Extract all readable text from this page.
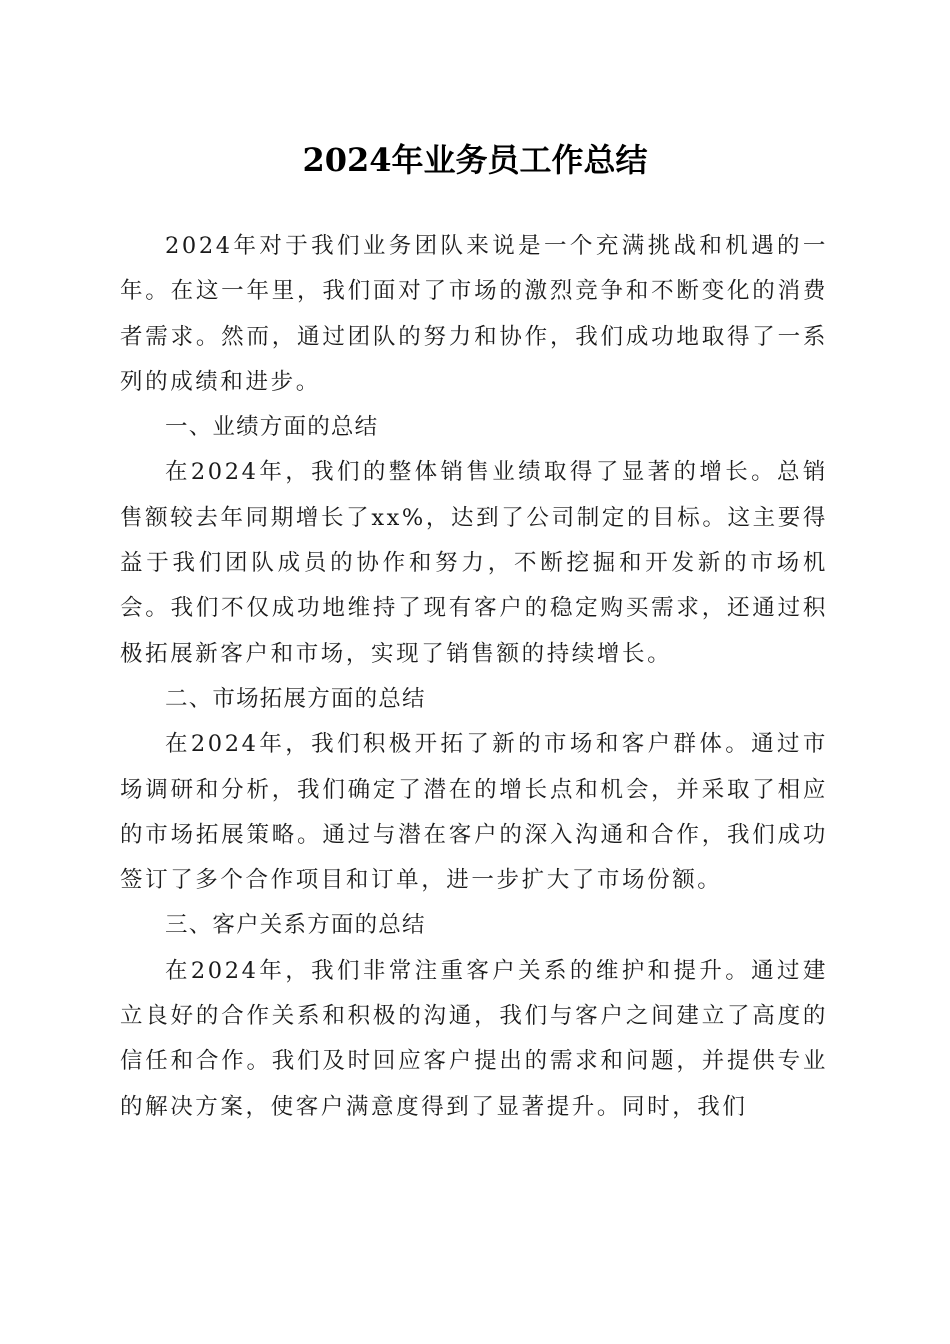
2024年业务员工作总结

2024年对于我们业务团队来说是一个充满挑战和机遇的一年。在这一年里，我们面对了市场的激烈竞争和不断变化的消费者需求。然而，通过团队的努力和协作，我们成功地取得了一系列的成绩和进步。

一、业绩方面的总结

在2024年，我们的整体销售业绩取得了显著的增长。总销售额较去年同期增长了xx%，达到了公司制定的目标。这主要得益于我们团队成员的协作和努力，不断挖掘和开发新的市场机会。我们不仅成功地维持了现有客户的稳定购买需求，还通过积极拓展新客户和市场，实现了销售额的持续增长。

二、市场拓展方面的总结

在2024年，我们积极开拓了新的市场和客户群体。通过市场调研和分析，我们确定了潜在的增长点和机会，并采取了相应的市场拓展策略。通过与潜在客户的深入沟通和合作，我们成功签订了多个合作项目和订单，进一步扩大了市场份额。

三、客户关系方面的总结

在2024年，我们非常注重客户关系的维护和提升。通过建立良好的合作关系和积极的沟通，我们与客户之间建立了高度的信任和合作。我们及时回应客户提出的需求和问题，并提供专业的解决方案，使客户满意度得到了显著提升。同时，我们
